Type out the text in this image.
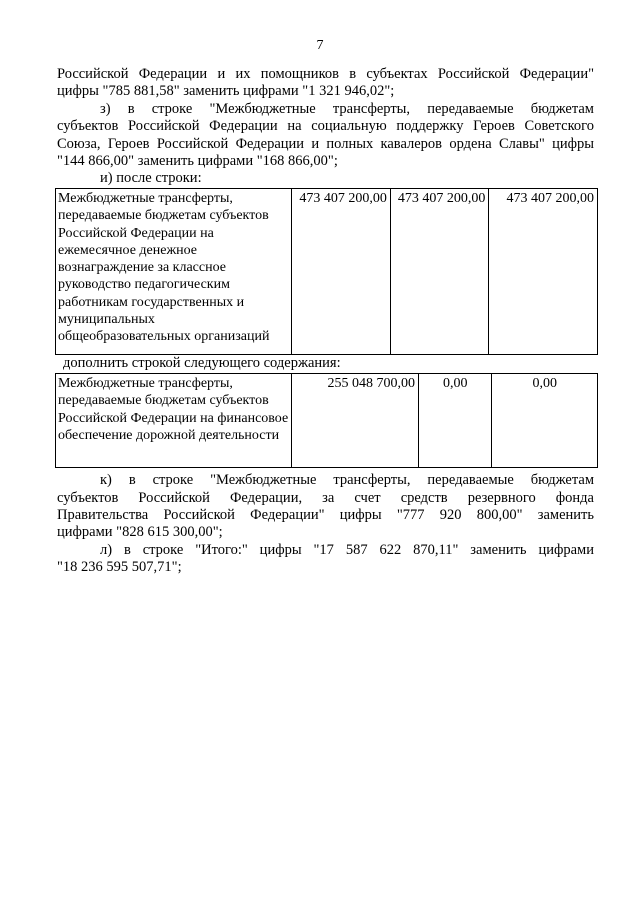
7
Российской Федерации и их помощников в субъектах Российской Федерации"
цифры "785 881,58" заменить цифрами "1 321 946,02";
з) в строке "Межбюджетные трансферты, передаваемые бюджетам
субъектов Российской Федерации на социальную поддержку Героев Советского
Союза, Героев Российской Федерации и полных кавалеров ордена Славы" цифры
"144 866,00" заменить цифрами "168 866,00";
и) после строки:
Межбюджетные трансферты, передаваемые бюджетам субъектов Российской Федерации на ежемесячное денежное вознаграждение за классное руководство педагогическим работникам государственных и муниципальных общеобразовательных организаций	473 407 200,00	473 407 200,00	473 407 200,00
дополнить строкой следующего содержания:
Межбюджетные трансферты, передаваемые бюджетам субъектов Российской Федерации на финансовое обеспечение дорожной деятельности	255 048 700,00	0,00	0,00
к) в строке "Межбюджетные трансферты, передаваемые бюджетам
субъектов Российской Федерации, за счет средств резервного фонда
Правительства Российской Федерации" цифры "777 920 800,00" заменить
цифрами "828 615 300,00";
л) в строке "Итого:" цифры "17 587 622 870,11" заменить цифрами
"18 236 595 507,71";
